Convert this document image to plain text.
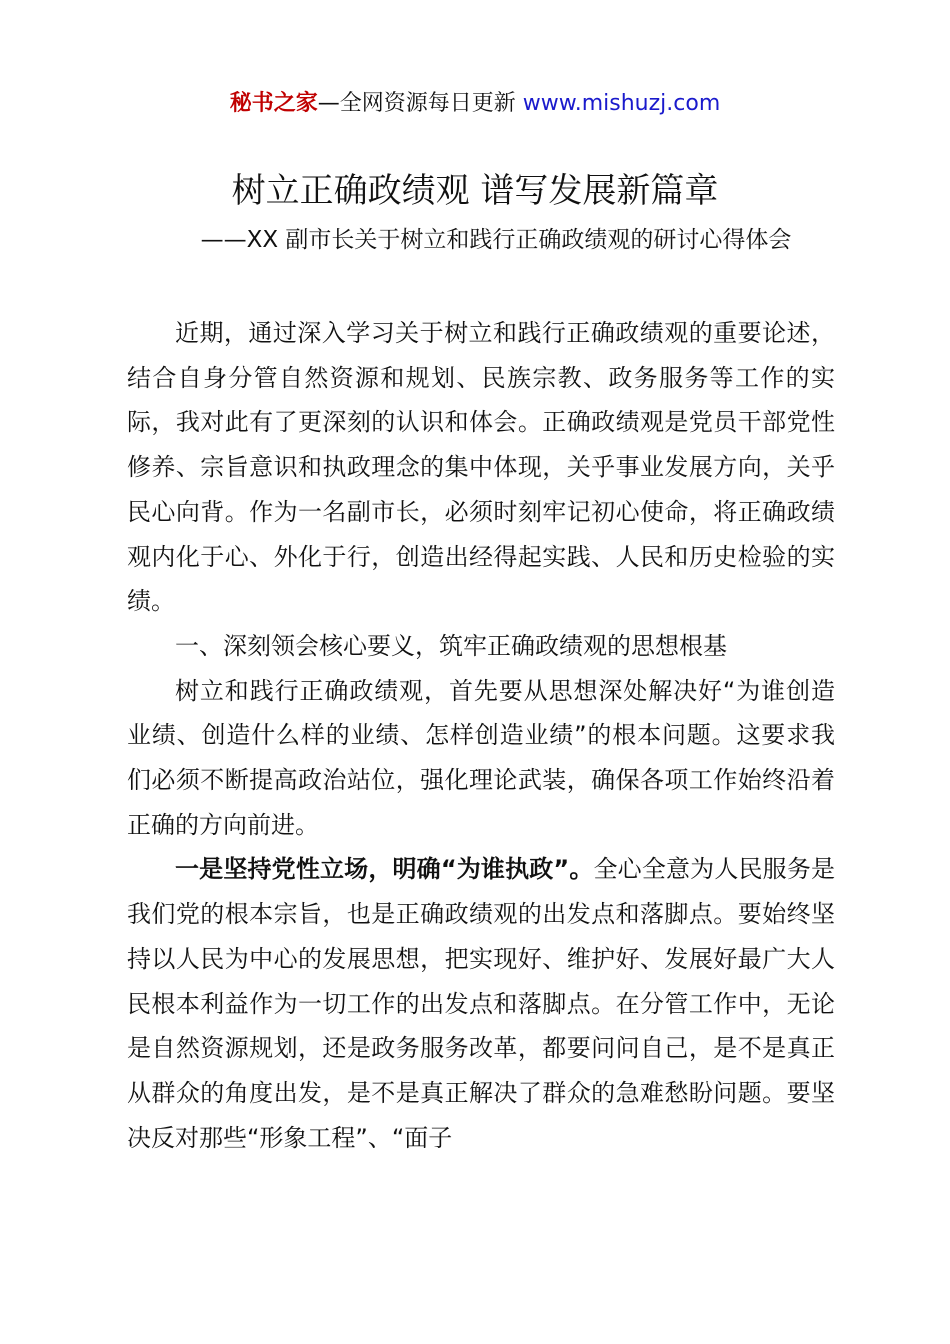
秘书之家—全网资源每日更新 www.mishuzj.com
树立正确政绩观 谱写发展新篇章
——XX 副市长关于树立和践行正确政绩观的研讨心得体会

近期，通过深入学习关于树立和践行正确政绩观的重要论述，结合自身分管自然资源和规划、民族宗教、政务服务等工作的实际，我对此有了更深刻的认识和体会。正确政绩观是党员干部党性修养、宗旨意识和执政理念的集中体现，关乎事业发展方向，关乎民心向背。作为一名副市长，必须时刻牢记初心使命，将正确政绩观内化于心、外化于行，创造出经得起实践、人民和历史检验的实绩。

一、深刻领会核心要义，筑牢正确政绩观的思想根基

树立和践行正确政绩观，首先要从思想深处解决好“为谁创造业绩、创造什么样的业绩、怎样创造业绩”的根本问题。这要求我们必须不断提高政治站位，强化理论武装，确保各项工作始终沿着正确的方向前进。

一是坚持党性立场，明确“为谁执政”。全心全意为人民服务是我们党的根本宗旨，也是正确政绩观的出发点和落脚点。要始终坚持以人民为中心的发展思想，把实现好、维护好、发展好最广大人民根本利益作为一切工作的出发点和落脚点。在分管工作中，无论是自然资源规划，还是政务服务改革，都要问问自己，是不是真正从群众的角度出发，是不是真正解决了群众的急难愁盼问题。要坚决反对那些“形象工程”、“面子
